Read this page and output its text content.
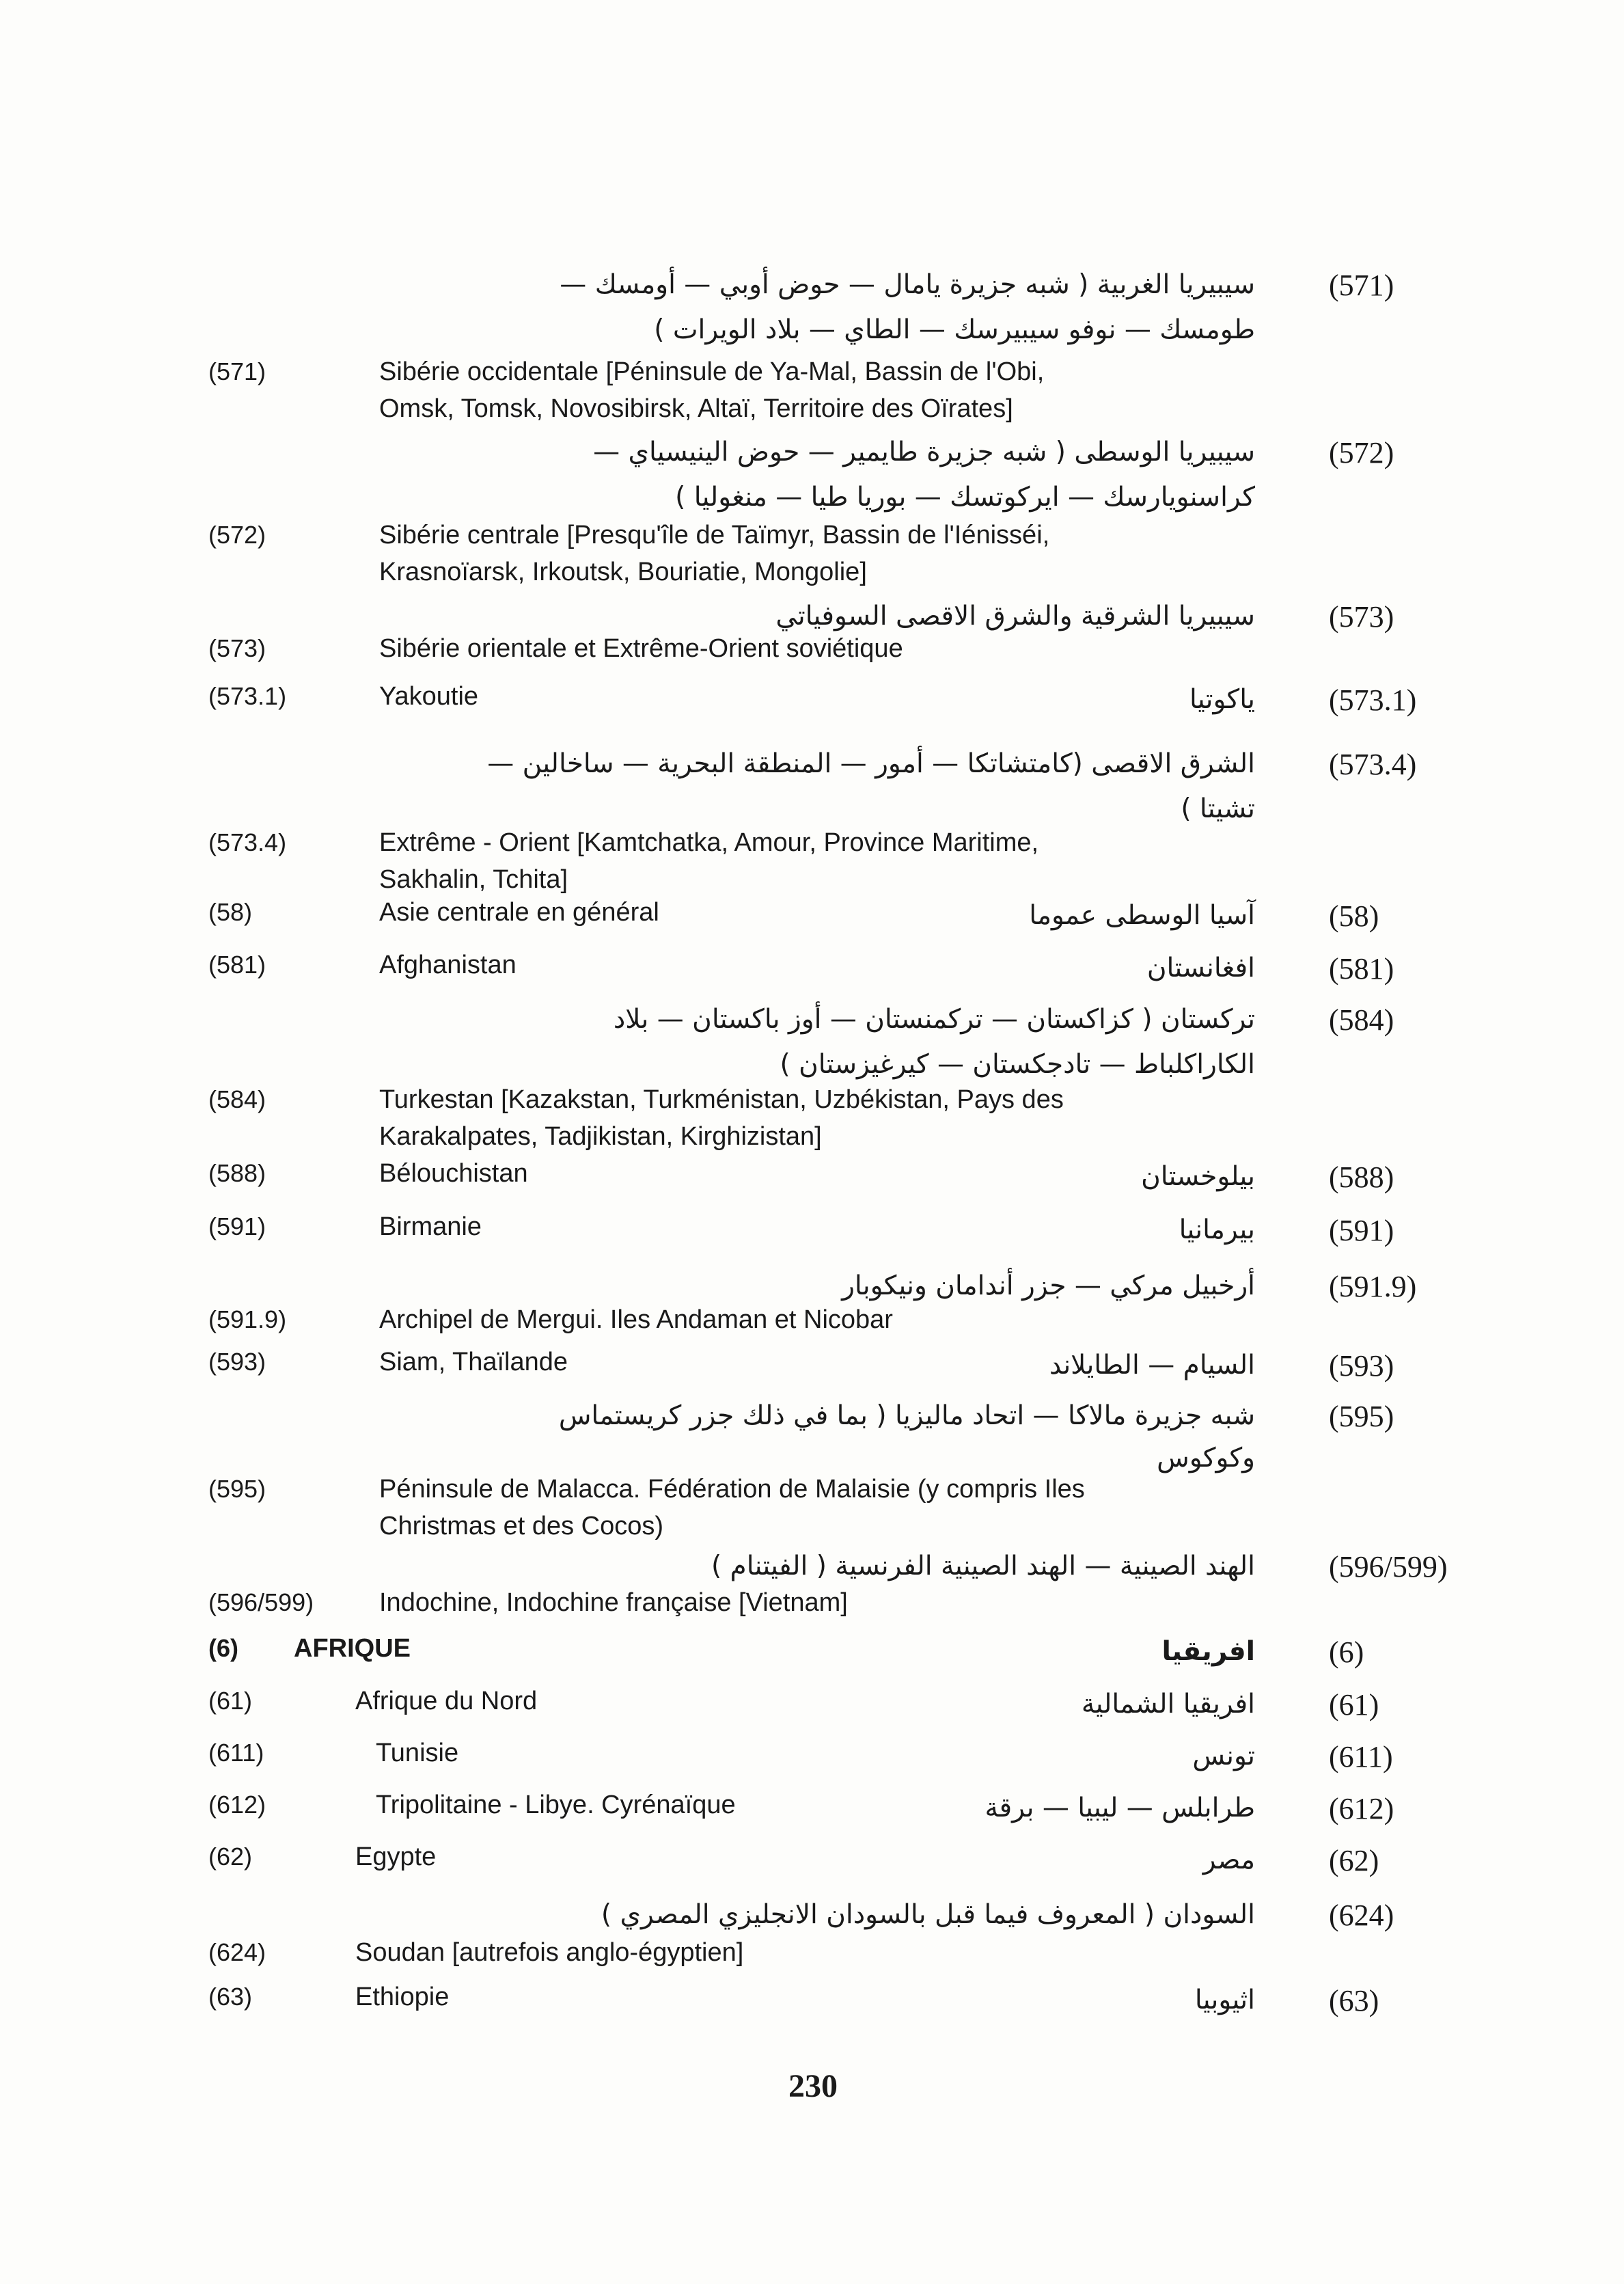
سيبيريا الغربية ( شبه جزيرة يامال — حوض أوبي — أومسك — (571)
طومسك — نوفو سيبيرسك — الطاي — بلاد الويرات )
(571)	Sibérie occidentale [Péninsule de Ya-Mal, Bassin de l'Obi,
Omsk, Tomsk, Novosibirsk, Altaï, Territoire des Oïrates]
سيبيريا الوسطى ( شبه جزيرة طايمير — حوض الينيسياي — (572)
كراسنويارسك — ايركوتسك — بوريا طيا — منغوليا )
(572)	Sibérie centrale [Presqu'île de Taïmyr, Bassin de l'Iénisséi,
Krasnoïarsk, Irkoutsk, Bouriatie, Mongolie]
سيبيريا الشرقية والشرق الاقصى السوفياتي (573)
(573)	Sibérie orientale et Extrême-Orient soviétique
(573.1)	Yakoutie	ياكوتيا (573.1)
الشرق الاقصى (كامتشاتكا — أمور — المنطقة البحرية — ساخالين — (573.4)
تشيتا )
(573.4)	Extrême - Orient [Kamtchatka, Amour, Province Maritime,
Sakhalin, Tchita]
(58)	Asie centrale en général	آسيا الوسطى عموما (58)
(581)	Afghanistan	افغانستان (581)
تركستان ( كزاكستان — تركمنستان — أوز باكستان — بلاد (584)
الكاراكلباط — تادجكستان — كيرغيزستان )
(584)	Turkestan [Kazakstan, Turkménistan, Uzbékistan, Pays des
Karakalpates, Tadjikistan, Kirghizistan]
(588)	Bélouchistan	بيلوخستان (588)
(591)	Birmanie	بيرمانيا (591)
أرخبيل مركي — جزر أندامان ونيكوبار (591.9)
(591.9)	Archipel de Mergui. Iles Andaman et Nicobar
(593)	Siam, Thaïlande	السيام — الطايلاند (593)
شبه جزيرة مالاكا — اتحاد ماليزيا ( بما في ذلك جزر كريستماس (595)
وكوكوس
(595)	Péninsule de Malacca. Fédération de Malaisie (y compris Iles
Christmas et des Cocos)
الهند الصينية — الهند الصينية الفرنسية ( الفيتنام ) (596/599)
(596/599)	Indochine, Indochine française [Vietnam]
(6)	AFRIQUE	افريقيا (6)
(61)	Afrique du Nord	افريقيا الشمالية (61)
(611)	Tunisie	تونس (611)
(612)	Tripolitaine - Libye. Cyrénaïque	طرابلس — ليبيا — برقة (612)
(62)	Egypte	مصر (62)
السودان ( المعروف فيما قبل بالسودان الانجليزي المصري ) (624)
(624)	Soudan [autrefois anglo-égyptien]
(63)	Ethiopie	اثيوبيا (63)
230
